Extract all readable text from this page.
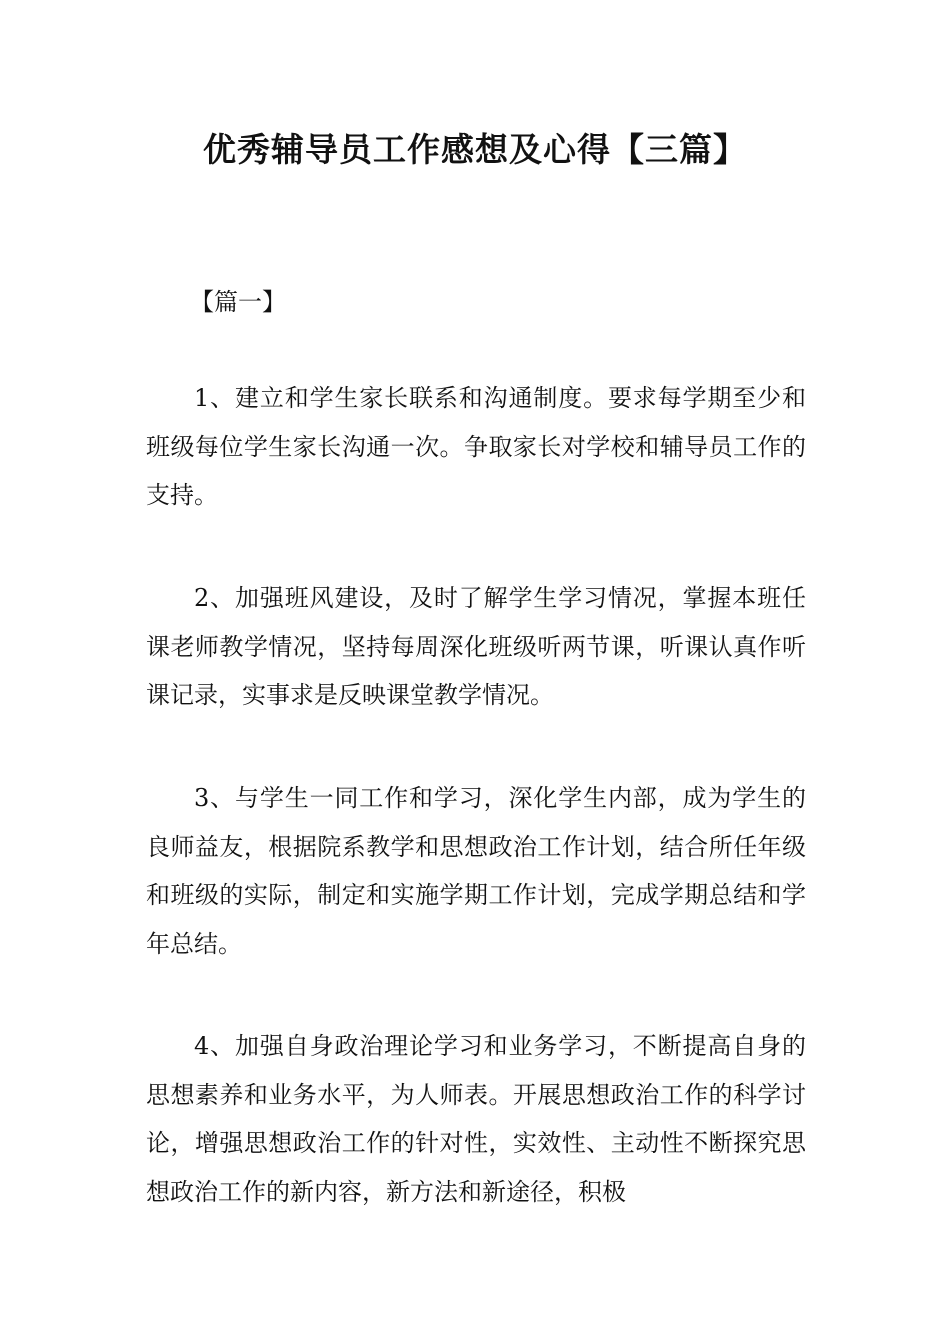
优秀辅导员工作感想及心得【三篇】
【篇一】

1、建立和学生家长联系和沟通制度。要求每学期至少和班级每位学生家长沟通一次。争取家长对学校和辅导员工作的支持。

2、加强班风建设，及时了解学生学习情况，掌握本班任课老师教学情况，坚持每周深化班级听两节课，听课认真作听课记录，实事求是反映课堂教学情况。

3、与学生一同工作和学习，深化学生内部，成为学生的良师益友，根据院系教学和思想政治工作计划，结合所任年级和班级的实际，制定和实施学期工作计划，完成学期总结和学年总结。

4、加强自身政治理论学习和业务学习，不断提高自身的思想素养和业务水平，为人师表。开展思想政治工作的科学讨论，增强思想政治工作的针对性，实效性、主动性不断探究思想政治工作的新内容，新方法和新途径，积极
